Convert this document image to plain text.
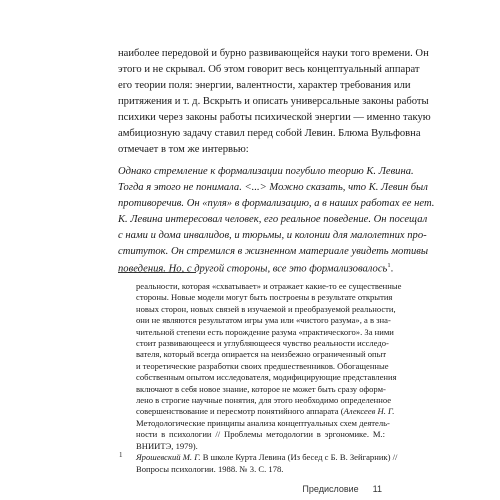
наиболее передовой и бурно развивающейся науки того времени. Он
этого и не скрывал. Об этом говорит весь концептуальный аппарат
его теории поля: энергии, валентности, характер требования или
притяжения и т. д. Вскрыть и описать универсальные законы работы
психики через законы работы психической энергии — именно такую
амбициозную задачу ставил перед собой Левин. Блюма Вульфовна
отмечает в том же интервью:
Однако стремление к формализации погубило теорию К. Левина.
Тогда я этого не понимала. <...> Можно сказать, что К. Левин был
противоречив. Он «пуля» в формализацию, а в наших работах ее нет.
К. Левина интересовал человек, его реальное поведение. Он посещал
с нами и дома инвалидов, и тюрьмы, и колонии для малолетних про-
ституток. Он стремился в жизненном материале увидеть мотивы
поведения. Но, с другой стороны, все это формализовалось$^1$.
реальности, которая «схватывает» и отражает какие-то ее существенные
стороны. Новые модели могут быть построены в результате открытия
новых сторон, новых связей в изучаемой и преобразуемой реальности,
они не являются результатом игры ума или «чистого разума», а в зна-
чительной степени есть порождение разума «практического». За ними
стоит развивающееся и углубляющееся чувство реальности исследо-
вателя, который всегда опирается на неизбежно ограниченный опыт
и теоретические разработки своих предшественников. Обогащенные
собственным опытом исследователя, модифицирующие представления
включают в себя новое знание, которое не может быть сразу оформ-
лено в строгие научные понятия, для этого необходимо определенное
совершенствование и пересмотр понятийного аппарата (Алексеев Н. Г.
Методологические принципы анализа концептуальных схем деятель-
ности в психологии // Проблемы методологии в эргономике. М.:
ВНИИТЭ, 1979).
Предисловие 11
1 Ярошевский М. Г. В школе Курта Левина (Из бесед с Б. В. Зейгарник) //
Вопросы психологии. 1988. № 3. С. 178.
